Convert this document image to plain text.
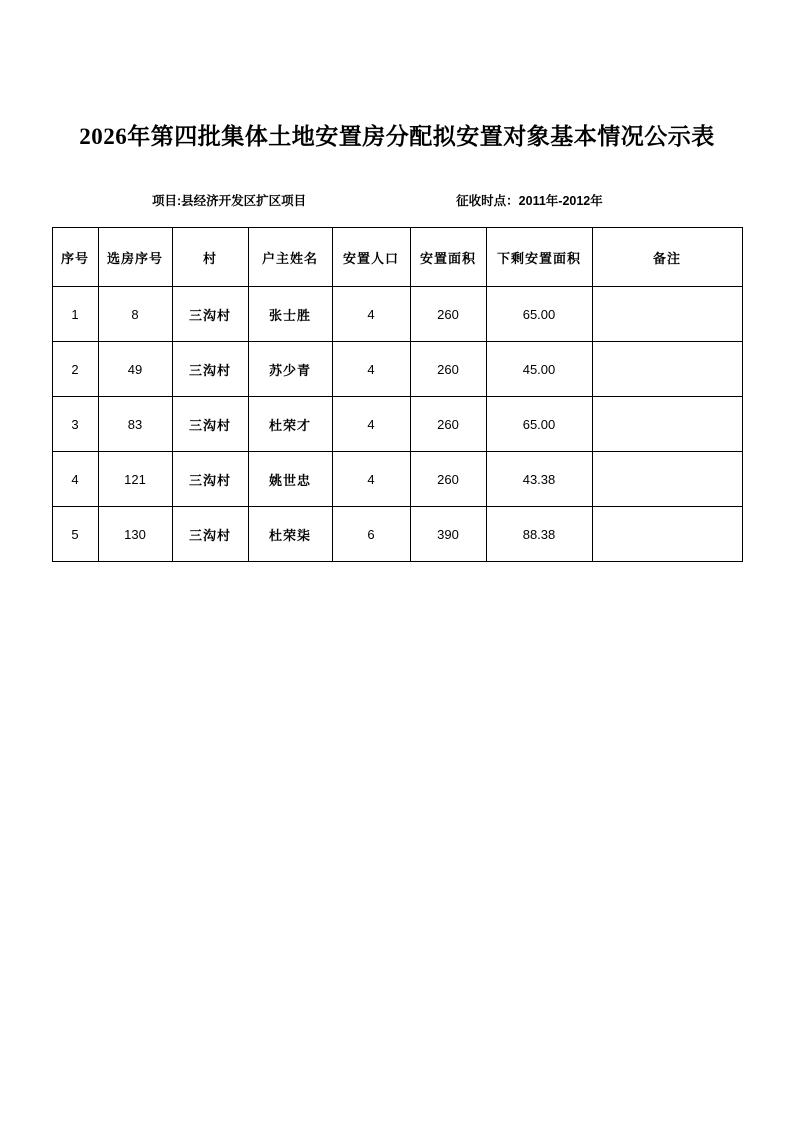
2026年第四批集体土地安置房分配拟安置对象基本情况公示表
项目:县经济开发区扩区项目	征收时点：2011年-2012年
序号	选房序号	村	户主姓名	安置人口	安置面积	下剩安置面积	备注
1	8	三沟村	张士胜	4	260	65.00	
2	49	三沟村	苏少青	4	260	45.00	
3	83	三沟村	杜荣才	4	260	65.00	
4	121	三沟村	姚世忠	4	260	43.38	
5	130	三沟村	杜荣柒	6	390	88.38	
